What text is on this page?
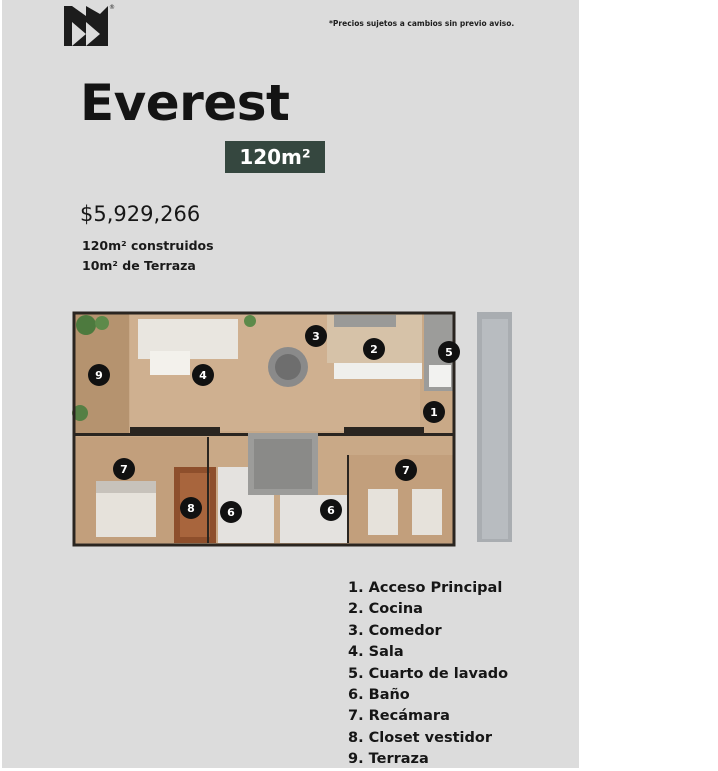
®
*Precios sujetos a cambios sin previo aviso.
Everest
120m²
$5,929,266
120m² construidos
10m² de Terraza
1
2
3
4
5
6	6
7	7
8
9
1. Acceso Principal
2. Cocina
3. Comedor
4. Sala
5. Cuarto de lavado
6. Baño
7. Recámara
8. Closet vestidor
9. Terraza
